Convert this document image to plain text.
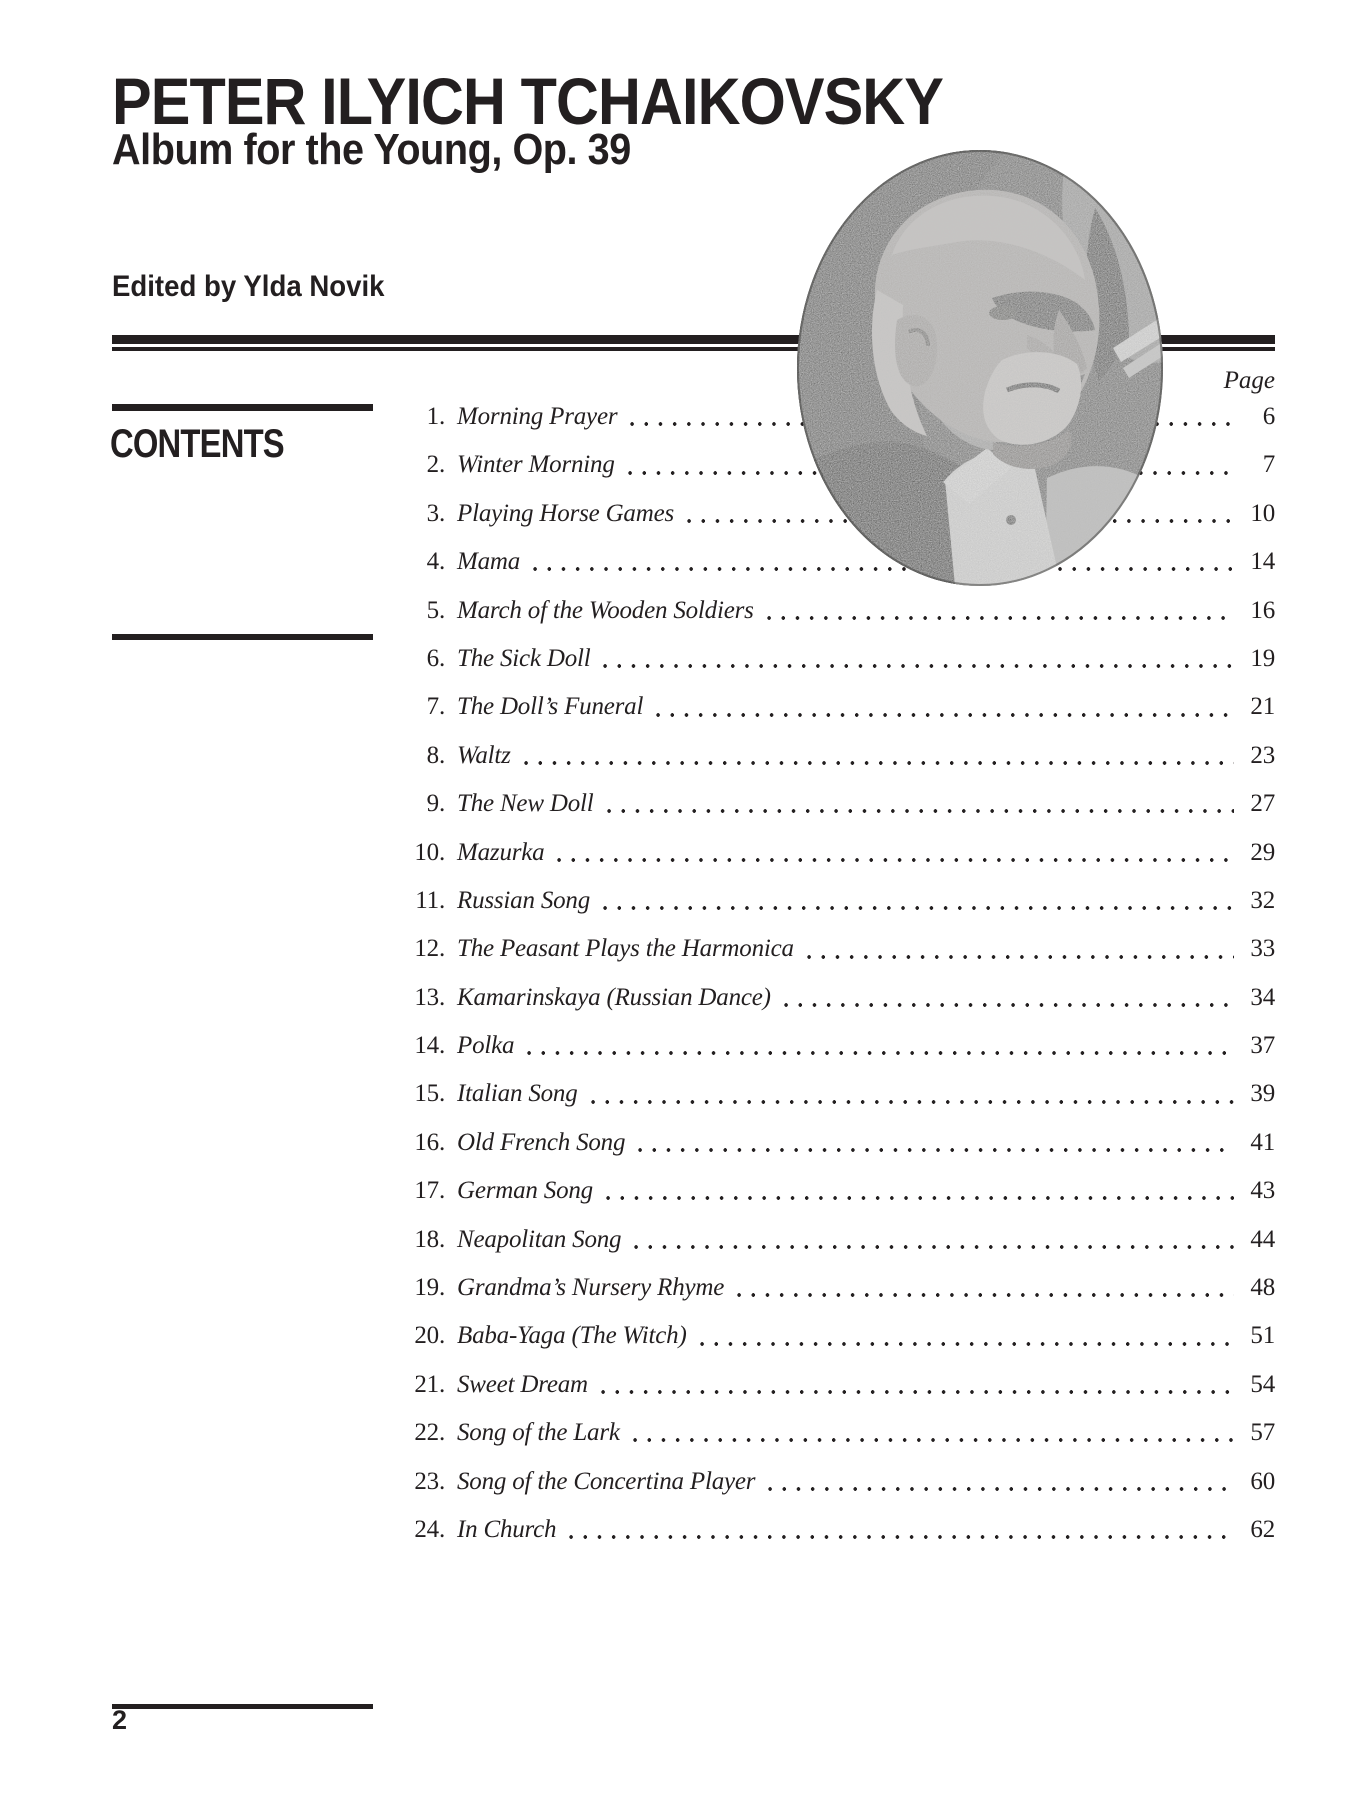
PETER ILYICH TCHAIKOVSKY
Album for the Young, Op. 39
Edited by Ylda Novik
Page
CONTENTS
1. Morning Prayer	6
2. Winter Morning	7
3. Playing Horse Games	10
4. Mama	14
5. March of the Wooden Soldiers	16
6. The Sick Doll	19
7. The Doll’s Funeral	21
8. Waltz	23
9. The New Doll	27
10. Mazurka	29
11. Russian Song	32
12. The Peasant Plays the Harmonica	33
13. Kamarinskaya (Russian Dance)	34
14. Polka	37
15. Italian Song	39
16. Old French Song	41
17. German Song	43
18. Neapolitan Song	44
19. Grandma’s Nursery Rhyme	48
20. Baba-Yaga (The Witch)	51
21. Sweet Dream	54
22. Song of the Lark	57
23. Song of the Concertina Player	60
24. In Church	62
2
